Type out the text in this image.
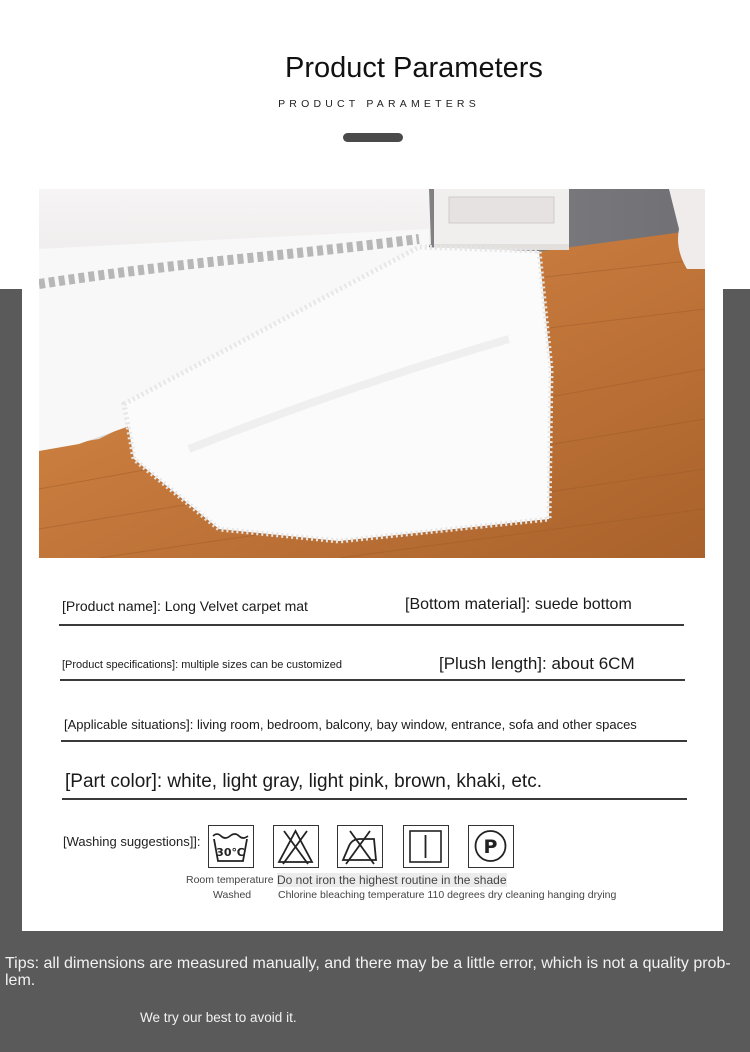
Product Parameters
PRODUCT PARAMETERS
[Product name]: Long Velvet carpet mat	[Bottom material]: suede bottom
[Product specifications]: multiple sizes can be customized	[Plush length]: about 6CM
[Applicable situations]: living room, bedroom, balcony, bay window, entrance, sofa and other spaces
[Part color]: white, light gray, light pink, brown, khaki, etc.
[Washing suggestions]]:
30℃	P
Room temperature
Washed
Do not iron the highest routine in the shade
Chlorine bleaching temperature 110 degrees dry cleaning hanging drying
Tips: all dimensions are measured manually, and there may be a little error, which is not a quality prob-lem.
We try our best to avoid it.
